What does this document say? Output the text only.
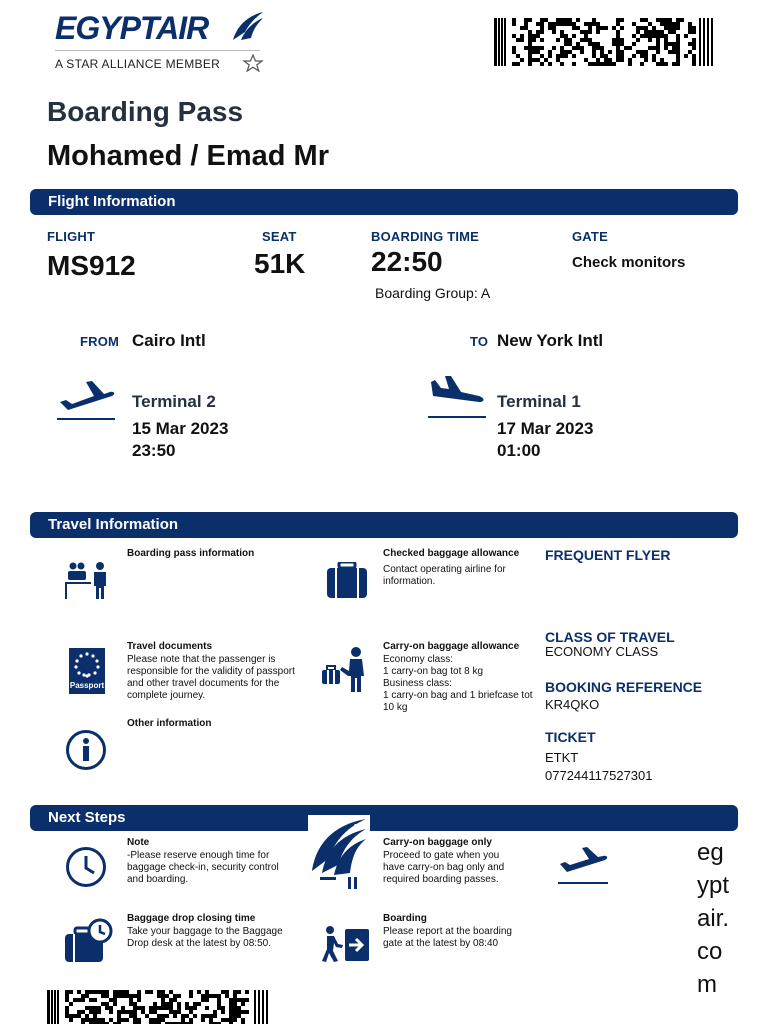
EGYPTAIR
A STAR ALLIANCE MEMBER
Boarding Pass
Mohamed / Emad Mr
Flight Information
FLIGHT
MS912
SEAT
51K
BOARDING TIME
22:50
Boarding Group: A
GATE
Check monitors
FROM Cairo Intl
Terminal 2
15 Mar 2023
23:50
TO New York Intl
Terminal 1
17 Mar 2023
01:00
Travel Information
Boarding pass information	Checked baggage allowance
Contact operating airline for information.
Passport
Travel documents
Please note that the passenger is responsible for the validity of passport and other travel documents for the complete journey.
Carry-on baggage allowance
Economy class:
1 carry-on bag tot 8 kg
Business class:
1 carry-on bag and 1 briefcase tot 10 kg
Other information
FREQUENT FLYER
CLASS OF TRAVEL
ECONOMY CLASS
BOOKING REFERENCE
KR4QKO
TICKET
ETKT
077244117527301
Next Steps
Note
-Please reserve enough time for baggage check-in, security control and boarding.
Carry-on baggage only
Proceed to gate when you have carry-on bag only and required boarding passes.
eg
ypt
air.
co
m
Baggage drop closing time
Take your baggage to the Baggage Drop desk at the latest by 08:50.
Boarding
Please report at the boarding gate at the latest by 08:40
